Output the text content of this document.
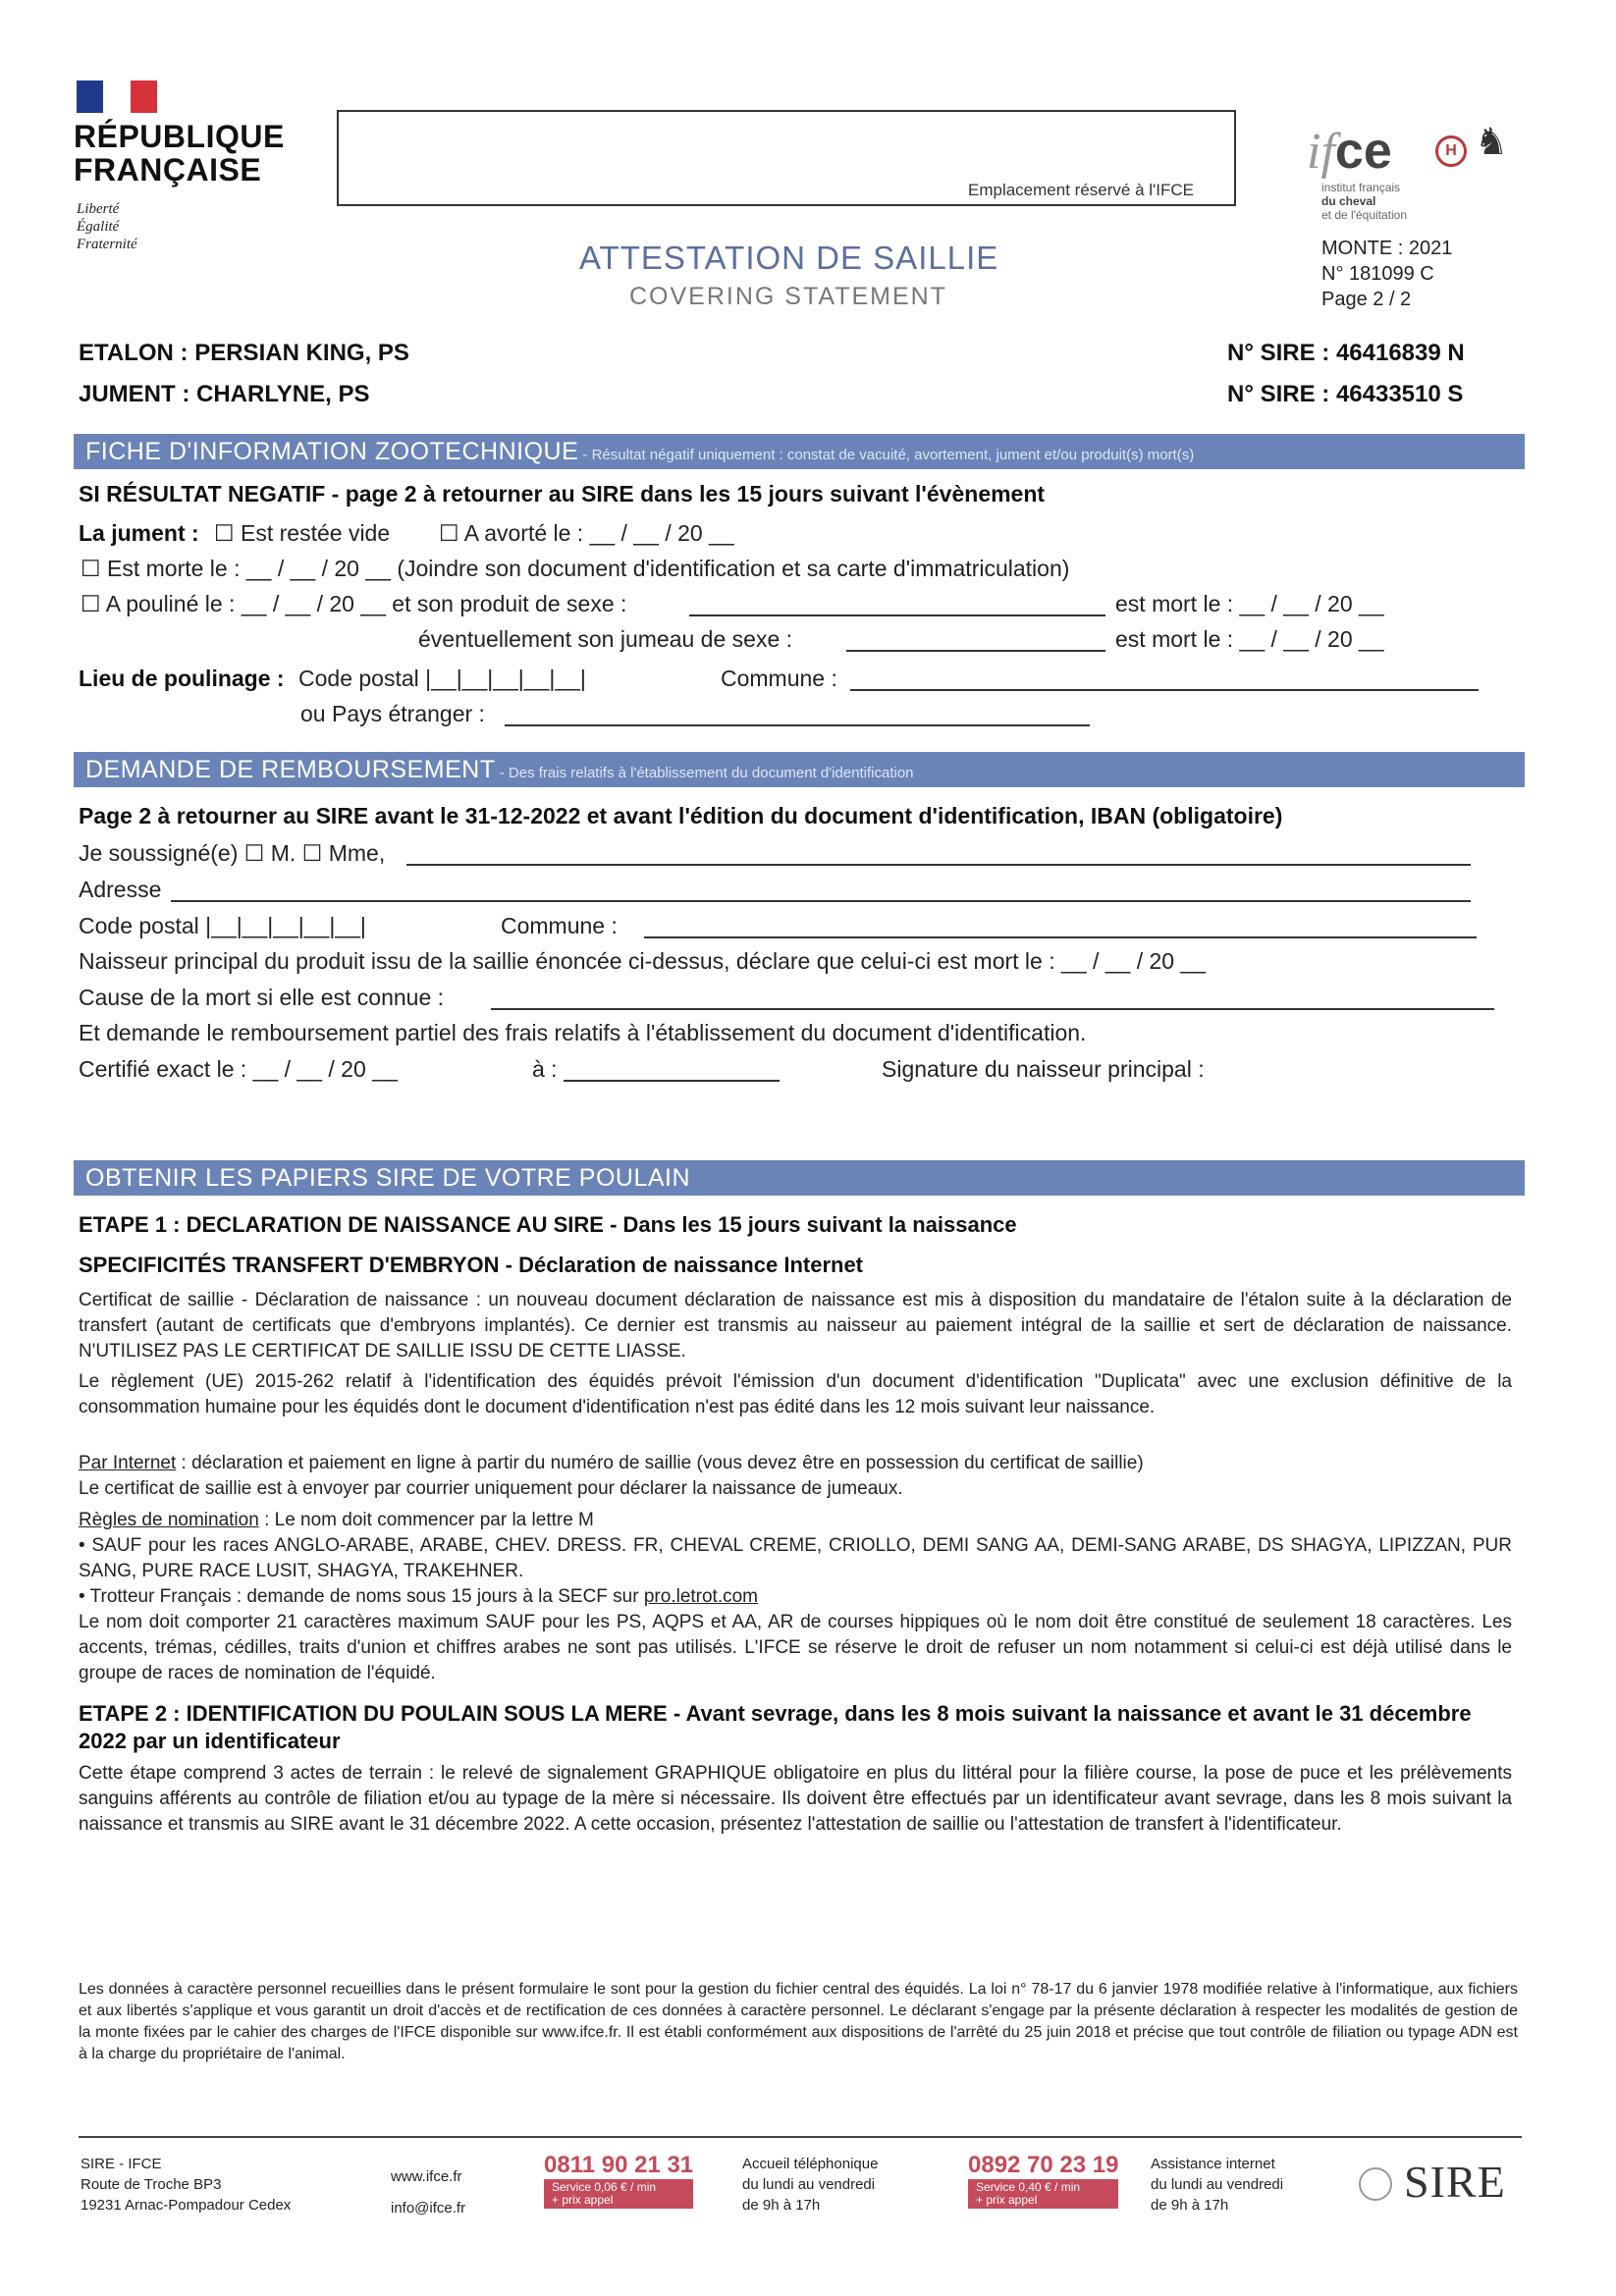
RÉPUBLIQUE
FRANÇAISE
Liberté
Égalité
Fraternité
Emplacement réservé à l'IFCE
ATTESTATION DE SAILLIE
COVERING STATEMENT
ifce	H ♞
institut français
du cheval
et de l'équitation
MONTE : 2021
N° 181099 C
Page 2 / 2
ETALON : PERSIAN KING, PS
JUMENT : CHARLYNE, PS
N° SIRE : 46416839 N
N° SIRE : 46433510 S
FICHE D'INFORMATION ZOOTECHNIQUE - Résultat négatif uniquement : constat de vacuité, avortement, jument et/ou produit(s) mort(s)
SI RÉSULTAT NEGATIF - page 2 à retourner au SIRE dans les 15 jours suivant l'évènement
La jument : ☐ Est restée vide ☐ A avorté le : __ / __ / 20 __
☐ Est morte le : __ / __ / 20 __ (Joindre son document d'identification et sa carte d'immatriculation)
☐ A pouliné le : __ / __ / 20 __ et son produit de sexe :	est mort le : __ / __ / 20 __
éventuellement son jumeau de sexe :	est mort le : __ / __ / 20 __
Lieu de poulinage : Code postal |__|__|__|__|__|	Commune :
ou Pays étranger :
DEMANDE DE REMBOURSEMENT - Des frais relatifs à l'établissement du document d'identification
Page 2 à retourner au SIRE avant le 31-12-2022 et avant l'édition du document d'identification, IBAN (obligatoire)
Je soussigné(e) ☐ M. ☐ Mme,
Adresse
Code postal |__|__|__|__|__|	Commune :
Naisseur principal du produit issu de la saillie énoncée ci-dessus, déclare que celui-ci est mort le : __ / __ / 20 __
Cause de la mort si elle est connue :
Et demande le remboursement partiel des frais relatifs à l'établissement du document d'identification.
Certifié exact le : __ / __ / 20 __	à :	Signature du naisseur principal :
OBTENIR LES PAPIERS SIRE DE VOTRE POULAIN
ETAPE 1 : DECLARATION DE NAISSANCE AU SIRE - Dans les 15 jours suivant la naissance
SPECIFICITÉS TRANSFERT D'EMBRYON - Déclaration de naissance Internet
Certificat de saillie - Déclaration de naissance : un nouveau document déclaration de naissance est mis à disposition du mandataire de l'étalon suite à la déclaration de transfert (autant de certificats que d'embryons implantés). Ce dernier est transmis au naisseur au paiement intégral de la saillie et sert de déclaration de naissance. N'UTILISEZ PAS LE CERTIFICAT DE SAILLIE ISSU DE CETTE LIASSE.
Le règlement (UE) 2015-262 relatif à l'identification des équidés prévoit l'émission d'un document d'identification "Duplicata" avec une exclusion définitive de la consommation humaine pour les équidés dont le document d'identification n'est pas édité dans les 12 mois suivant leur naissance.
Par Internet : déclaration et paiement en ligne à partir du numéro de saillie (vous devez être en possession du certificat de saillie)
Le certificat de saillie est à envoyer par courrier uniquement pour déclarer la naissance de jumeaux.
Règles de nomination : Le nom doit commencer par la lettre M
• SAUF pour les races ANGLO-ARABE, ARABE, CHEV. DRESS. FR, CHEVAL CREME, CRIOLLO, DEMI SANG AA, DEMI-SANG ARABE, DS SHAGYA, LIPIZZAN, PUR SANG, PURE RACE LUSIT, SHAGYA, TRAKEHNER.
• Trotteur Français : demande de noms sous 15 jours à la SECF sur pro.letrot.com
Le nom doit comporter 21 caractères maximum SAUF pour les PS, AQPS et AA, AR de courses hippiques où le nom doit être constitué de seulement 18 caractères. Les accents, trémas, cédilles, traits d'union et chiffres arabes ne sont pas utilisés. L'IFCE se réserve le droit de refuser un nom notamment si celui-ci est déjà utilisé dans le groupe de races de nomination de l'équidé.
ETAPE 2 : IDENTIFICATION DU POULAIN SOUS LA MERE - Avant sevrage, dans les 8 mois suivant la naissance et avant le 31 décembre 2022 par un identificateur
Cette étape comprend 3 actes de terrain : le relevé de signalement GRAPHIQUE obligatoire en plus du littéral pour la filière course, la pose de puce et les prélèvements sanguins afférents au contrôle de filiation et/ou au typage de la mère si nécessaire. Ils doivent être effectués par un identificateur avant sevrage, dans les 8 mois suivant la naissance et transmis au SIRE avant le 31 décembre 2022. A cette occasion, présentez l'attestation de saillie ou l'attestation de transfert à l'identificateur.
Les données à caractère personnel recueillies dans le présent formulaire le sont pour la gestion du fichier central des équidés. La loi n° 78-17 du 6 janvier 1978 modifiée relative à l'informatique, aux fichiers et aux libertés s'applique et vous garantit un droit d'accès et de rectification de ces données à caractère personnel. Le déclarant s'engage par la présente déclaration à respecter les modalités de gestion de la monte fixées par le cahier des charges de l'IFCE disponible sur www.ifce.fr. Il est établi conformément aux dispositions de l'arrêté du 25 juin 2018 et précise que tout contrôle de filiation ou typage ADN est à la charge du propriétaire de l'animal.
SIRE - IFCE
Route de Troche BP3
19231 Arnac-Pompadour Cedex
www.ifce.fr
info@ifce.fr
0811 90 21 31
Service 0,06 € / min
+ prix appel
Accueil téléphonique
du lundi au vendredi
de 9h à 17h
0892 70 23 19
Service 0,40 € / min
+ prix appel
Assistance internet
du lundi au vendredi
de 9h à 17h	SIRE
